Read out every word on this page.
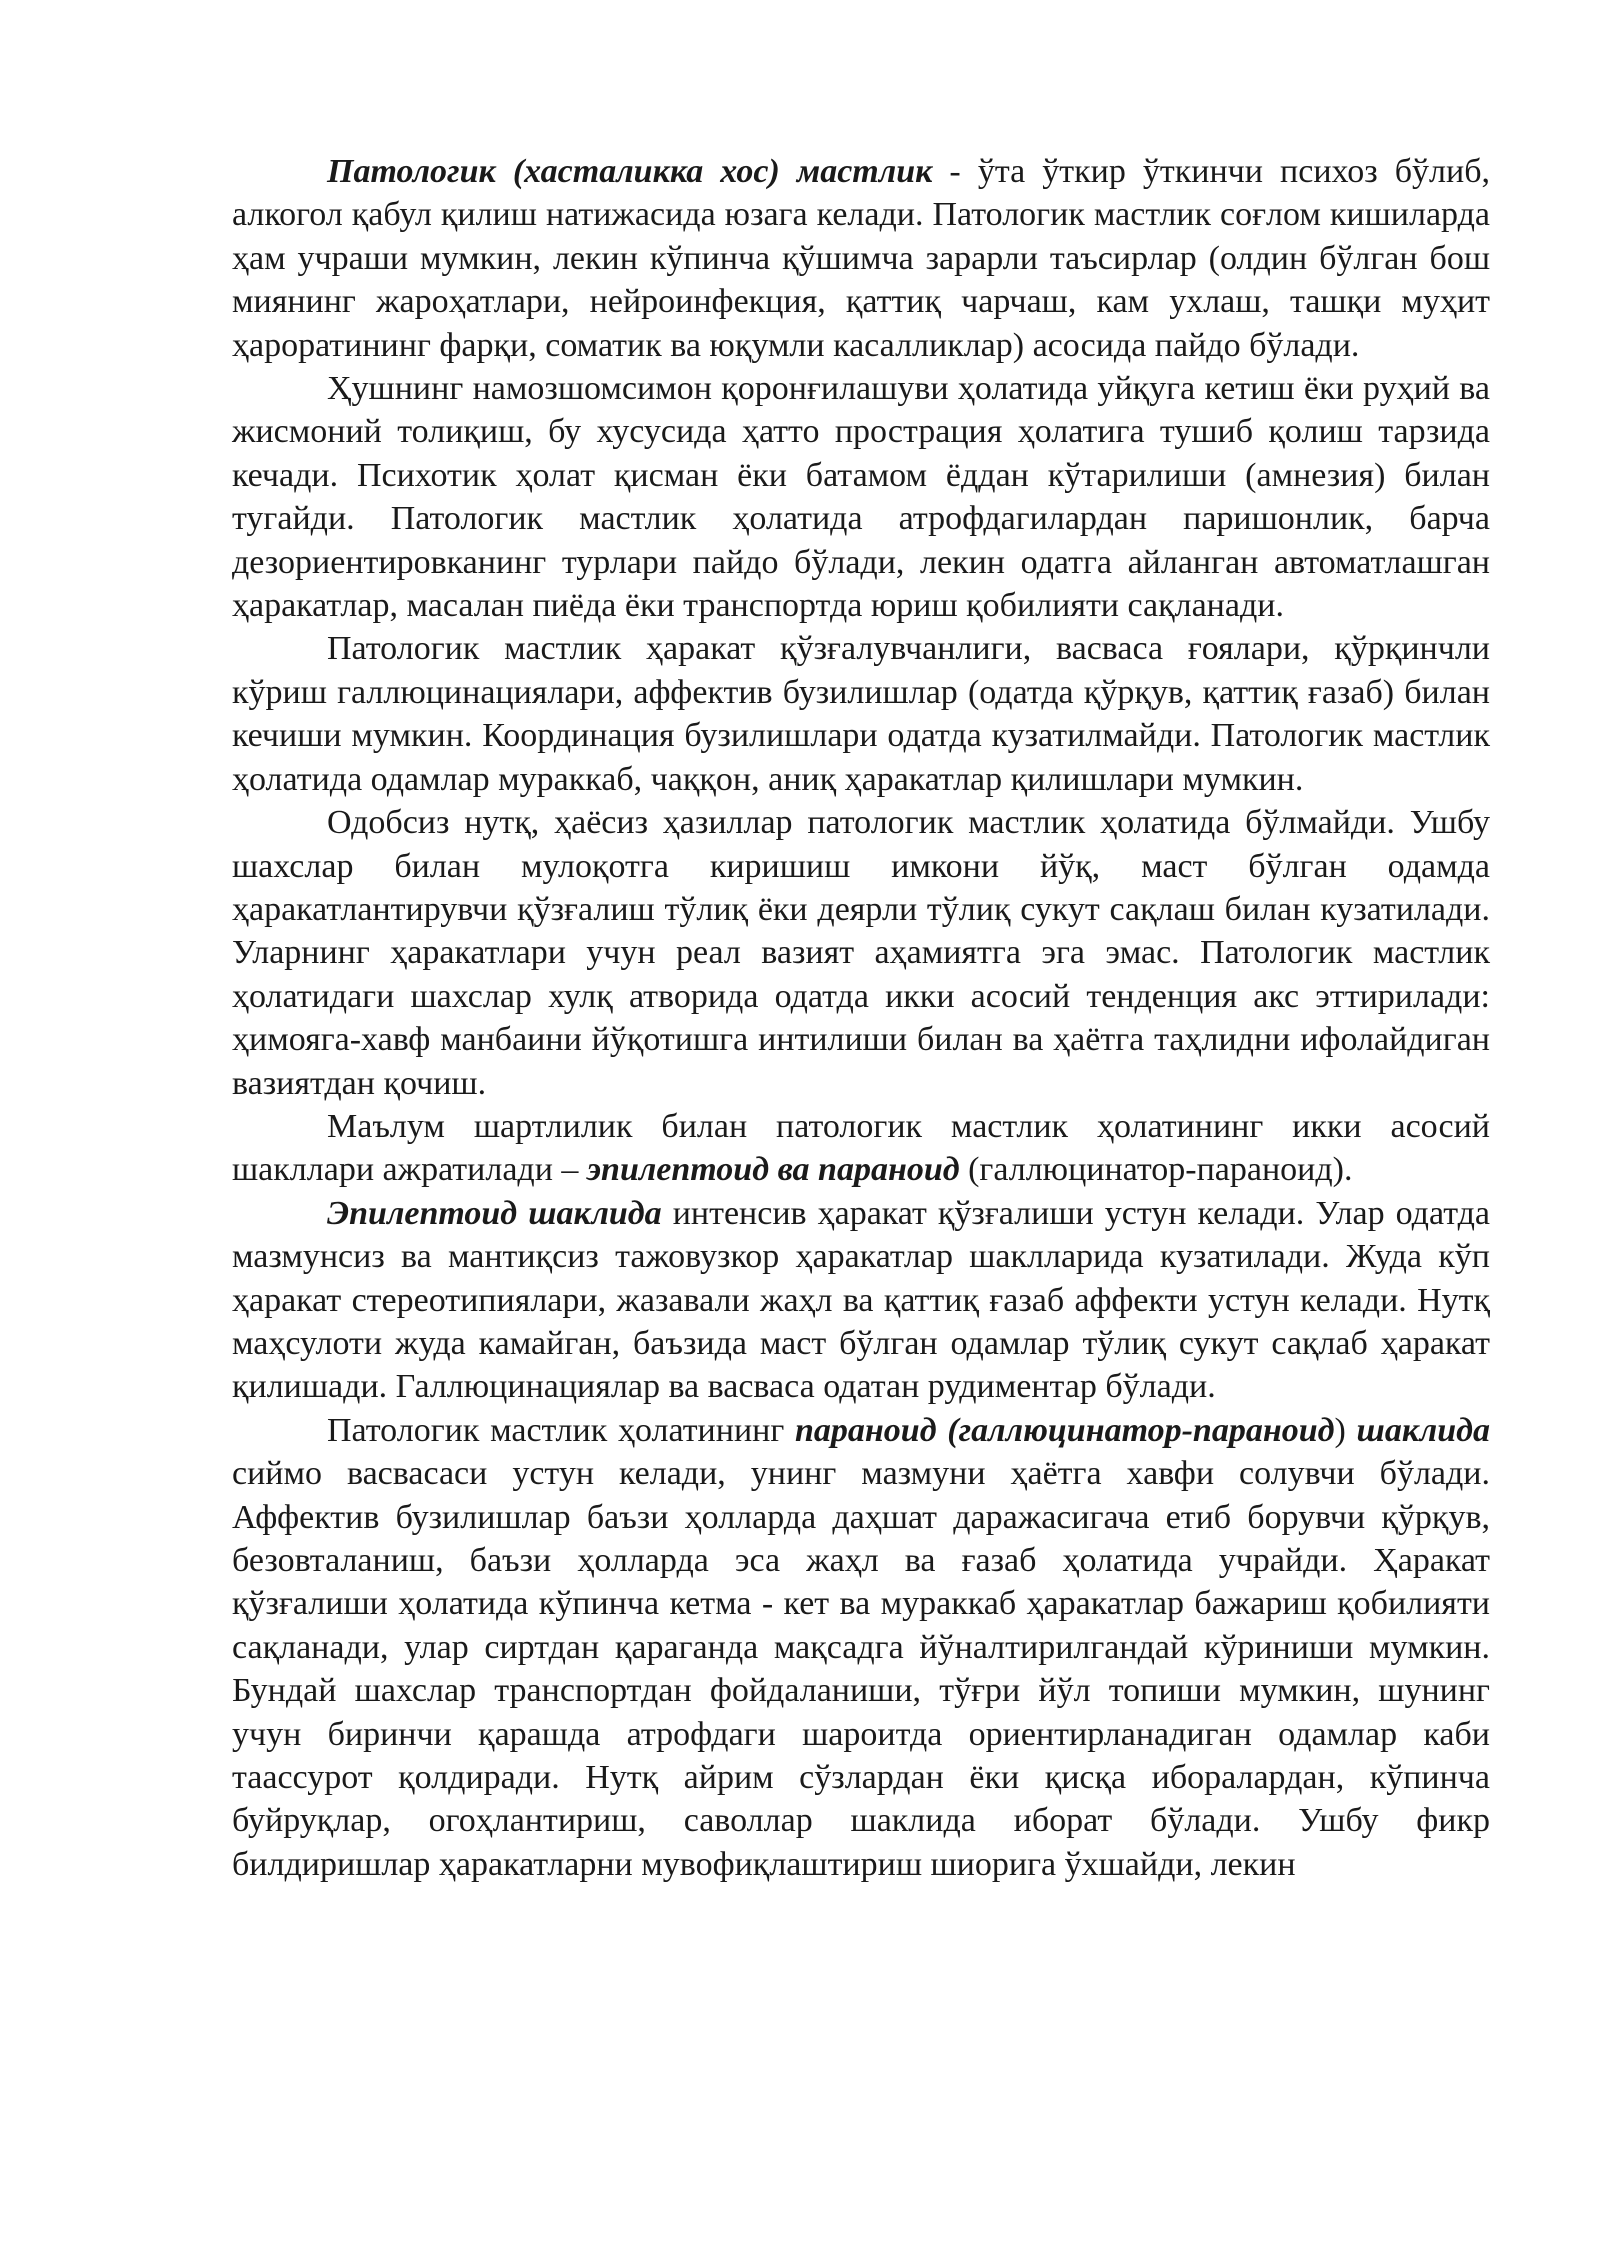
Патологик (хасталикка хос) мастлик - ўта ўткир ўткинчи психоз бўлиб, алкогол қабул қилиш натижасида юзага келади. Патологик мастлик соғлом кишиларда ҳам учраши мумкин, лекин кўпинча қўшимча зарарли таъсирлар (олдин бўлган бош миянинг жароҳатлари, нейроинфекция, қаттиқ чарчаш, кам ухлаш, ташқи муҳит ҳароратининг фарқи, соматик ва юқумли касалликлар) асосида пайдо бўлади.

Ҳушнинг намозшомсимон қоронғилашуви ҳолатида уйқуга кетиш ёки руҳий ва жисмоний толиқиш, бу хусусида ҳатто прострация ҳолатига тушиб қолиш тарзида кечади. Психотик ҳолат қисман ёки батамом ёддан кўтарилиши (амнезия) билан тугайди. Патологик мастлик ҳолатида атрофдагилардан паришонлик, барча дезориентировканинг турлари пайдо бўлади, лекин одатга айланган автоматлашган ҳаракатлар, масалан пиёда ёки транспортда юриш қобилияти сақланади.

Патологик мастлик ҳаракат қўзғалувчанлиги, васваса ғоялари, қўрқинчли кўриш галлюцинациялари, аффектив бузилишлар (одатда қўрқув, қаттиқ ғазаб) билан кечиши мумкин. Координация бузилишлари одатда кузатилмайди. Патологик мастлик ҳолатида одамлар мураккаб, чаққон, аниқ ҳаракатлар қилишлари мумкин.

Одобсиз нутқ, ҳаёсиз ҳазиллар патологик мастлик ҳолатида бўлмайди. Ушбу шахслар билан мулоқотга киришиш имкони йўқ, маст бўлган одамда ҳаракатлантирувчи қўзғалиш тўлиқ ёки деярли тўлиқ сукут сақлаш билан кузатилади. Уларнинг ҳаракатлари учун реал вазият аҳамиятга эга эмас. Патологик мастлик ҳолатидаги шахслар хулқ атворида одатда икки асосий тенденция акс эттирилади: ҳимояга-хавф манбаини йўқотишга интилиши билан ва ҳаётга таҳлидни ифолайдиган вазиятдан қочиш.

Маълум шартлилик билан патологик мастлик ҳолатининг икки асосий шакллари ажратилади – эпилептоид ва параноид (галлюцинатор-параноид).

Эпилептоид шаклида интенсив ҳаракат қўзғалиши устун келади. Улар одатда мазмунсиз ва мантиқсиз тажовузкор ҳаракатлар шаклларида кузатилади. Жуда кўп ҳаракат стереотипиялари, жазавали жаҳл ва қаттиқ ғазаб аффекти устун келади. Нутқ маҳсулоти жуда камайган, баъзида маст бўлган одамлар тўлиқ сукут сақлаб ҳаракат қилишади. Галлюцинациялар ва васваса одатан рудиментар бўлади.

Патологик мастлик ҳолатининг параноид (галлюцинатор-параноид) шаклида сиймо васвасаси устун келади, унинг мазмуни ҳаётга хавфи солувчи бўлади. Аффектив бузилишлар баъзи ҳолларда даҳшат даражасигача етиб борувчи қўрқув, безовталаниш, баъзи ҳолларда эса жаҳл ва ғазаб ҳолатида учрайди. Ҳаракат қўзғалиши ҳолатида кўпинча кетма - кет ва мураккаб ҳаракатлар бажариш қобилияти сақланади, улар сиртдан қараганда мақсадга йўналтирилгандай кўриниши мумкин. Бундай шахслар транспортдан фойдаланиши, тўғри йўл топиши мумкин, шунинг учун биринчи қарашда атрофдаги шароитда ориентирланадиган одамлар каби таассурот қолдиради. Нутқ айрим сўзлардан ёки қисқа иборалардан, кўпинча буйруқлар, огоҳлантириш, саволлар шаклида иборат бўлади. Ушбу фикр билдиришлар ҳаракатларни мувофиқлаштириш шиорига ўхшайди, лекин
